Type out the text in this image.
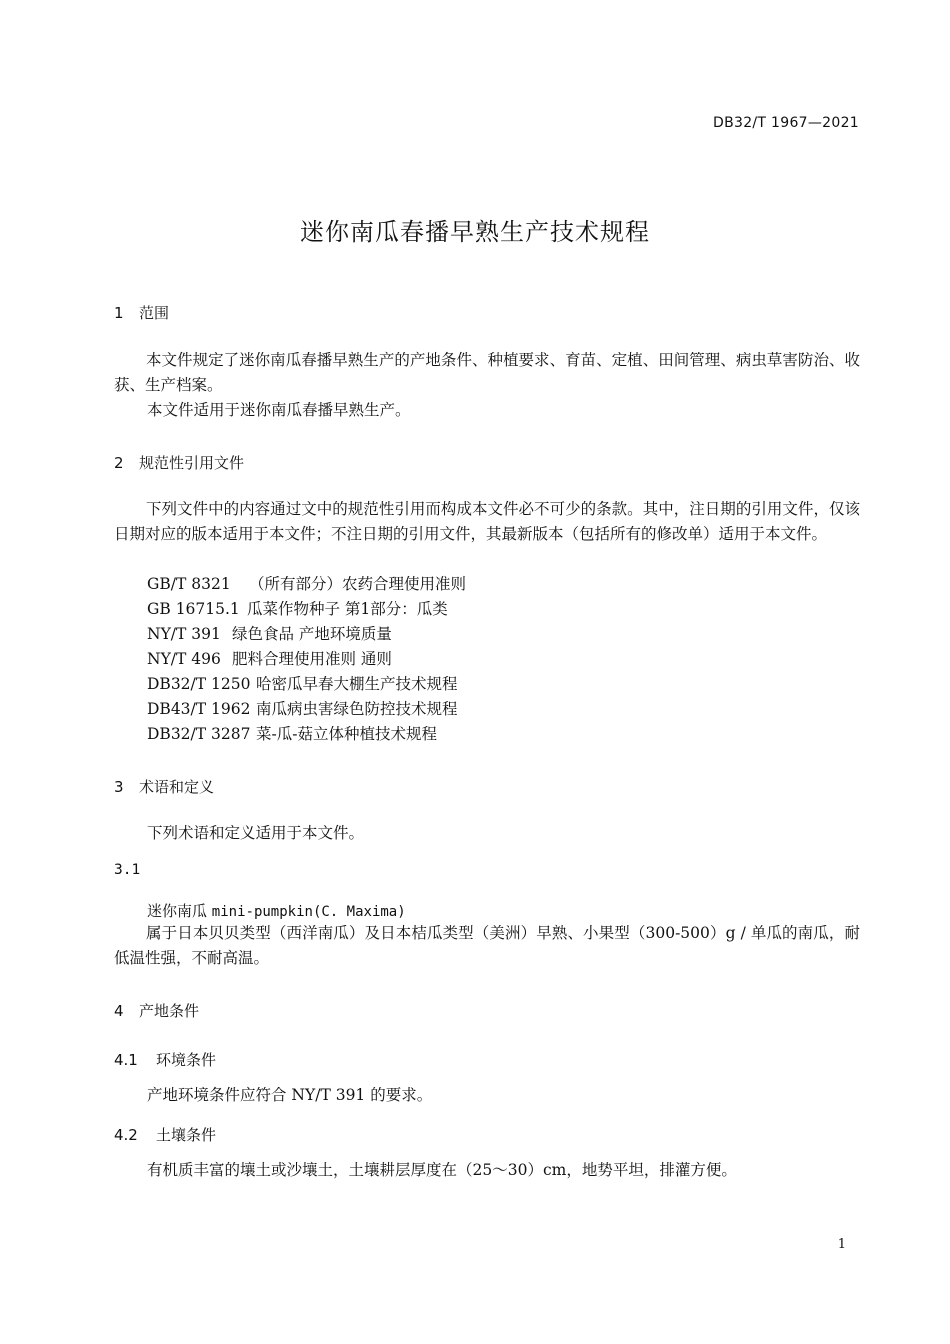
DB32/T 1967—2021
迷你南瓜春播早熟生产技术规程
1 范围
本文件规定了迷你南瓜春播早熟生产的产地条件、种植要求、育苗、定植、田间管理、病虫草害防治、收获、生产档案。
本文件适用于迷你南瓜春播早熟生产。
2 规范性引用文件
下列文件中的内容通过文中的规范性引用而构成本文件必不可少的条款。其中，注日期的引用文件，仅该日期对应的版本适用于本文件；不注日期的引用文件，其最新版本（包括所有的修改单）适用于本文件。
GB/T 8321 （所有部分）农药合理使用准则
GB 16715.1 瓜菜作物种子 第1部分：瓜类
NY/T 391 绿色食品 产地环境质量
NY/T 496 肥料合理使用准则 通则
DB32/T 1250 哈密瓜早春大棚生产技术规程
DB43/T 1962 南瓜病虫害绿色防控技术规程
DB32/T 3287 菜-瓜-菇立体种植技术规程
3 术语和定义
下列术语和定义适用于本文件。
3.1
迷你南瓜 mini-pumpkin(C. Maxima)
属于日本贝贝类型（西洋南瓜）及日本桔瓜类型（美洲）早熟、小果型（300-500）g / 单瓜的南瓜，耐低温性强，不耐高温。
4 产地条件
4.1 环境条件
产地环境条件应符合 NY/T 391 的要求。
4.2 土壤条件
有机质丰富的壤土或沙壤土，土壤耕层厚度在（25～30）cm，地势平坦，排灌方便。
1
